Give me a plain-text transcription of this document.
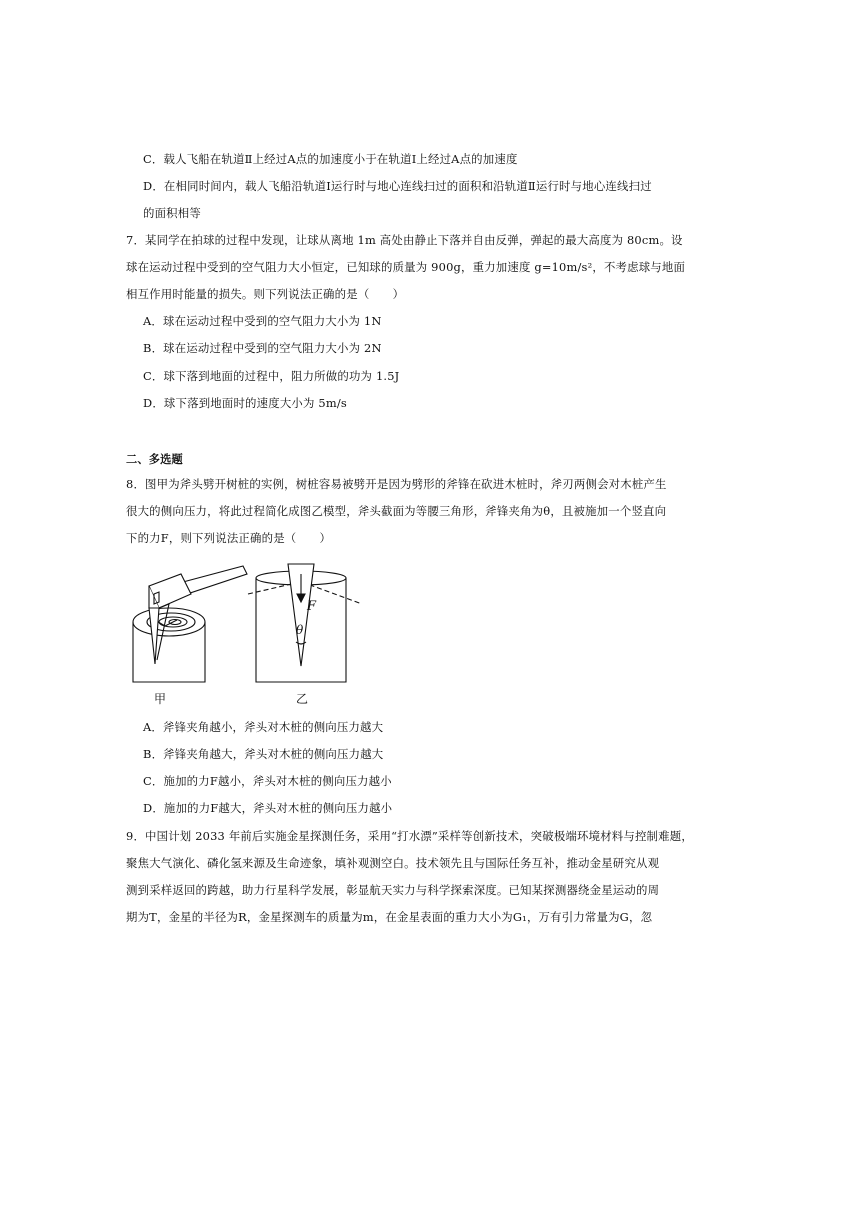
C．载人飞船在轨道Ⅱ上经过A点的加速度小于在轨道Ⅰ上经过A点的加速度
D．在相同时间内，载人飞船沿轨道Ⅰ运行时与地心连线扫过的面积和沿轨道Ⅱ运行时与地心连线扫过
的面积相等
7．某同学在拍球的过程中发现，让球从离地 1m 高处由静止下落并自由反弹，弹起的最大高度为 80cm。设
球在运动过程中受到的空气阻力大小恒定，已知球的质量为 900g，重力加速度 g=10m/s²，不考虑球与地面
相互作用时能量的损失。则下列说法正确的是（　　）
A．球在运动过程中受到的空气阻力大小为 1N
B．球在运动过程中受到的空气阻力大小为 2N
C．球下落到地面的过程中，阻力所做的功为 1.5J
D．球下落到地面时的速度大小为 5m/s
二、多选题
8．图甲为斧头劈开树桩的实例，树桩容易被劈开是因为劈形的斧锋在砍进木桩时，斧刃两侧会对木桩产生
很大的侧向压力，将此过程简化成图乙模型，斧头截面为等腰三角形，斧锋夹角为θ，且被施加一个竖直向
下的力F，则下列说法正确的是（　　）
甲
F
θ
乙
A．斧锋夹角越小，斧头对木桩的侧向压力越大
B．斧锋夹角越大，斧头对木桩的侧向压力越大
C．施加的力F越小，斧头对木桩的侧向压力越小
D．施加的力F越大，斧头对木桩的侧向压力越小
9．中国计划 2033 年前后实施金星探测任务，采用“打水漂”采样等创新技术，突破极端环境材料与控制难题，
聚焦大气演化、磷化氢来源及生命迹象，填补观测空白。技术领先且与国际任务互补，推动金星研究从观
测到采样返回的跨越，助力行星科学发展，彰显航天实力与科学探索深度。已知某探测器绕金星运动的周
期为T，金星的半径为R，金星探测车的质量为m，在金星表面的重力大小为G₁，万有引力常量为G，忽
